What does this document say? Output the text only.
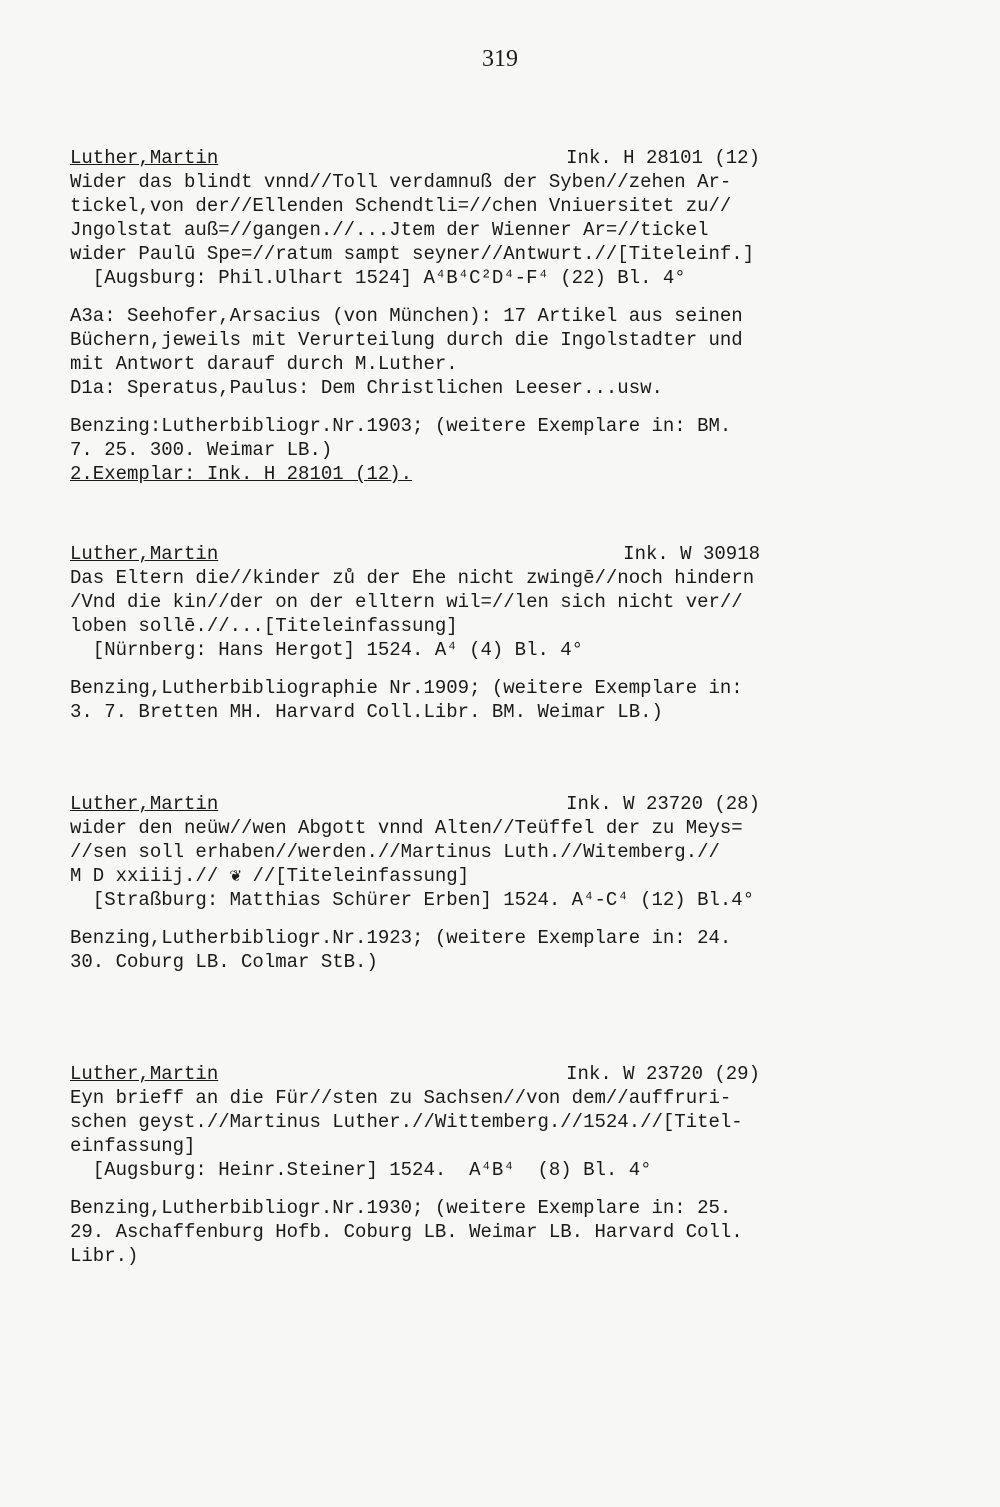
319
Luther,Martin	Ink. H 28101 (12)
Wider das blindt vnnd//Toll verdamnuß der Syben//zehen Ar-
tickel,von der//Ellenden Schendtli=//chen Vniuersitet zu//
Jngolstat auß=//gangen.//...Jtem der Wienner Ar=//tickel
wider Paulū Spe=//ratum sampt seyner//Antwurt.//[Titeleinf.]
[Augsburg: Phil.Ulhart 1524] A⁴B⁴C²D⁴-F⁴ (22) Bl. 4°
A3a: Seehofer,Arsacius (von München): 17 Artikel aus seinen
Büchern,jeweils mit Verurteilung durch die Ingolstadter und
mit Antwort darauf durch M.Luther.
D1a: Speratus,Paulus: Dem Christlichen Leeser...usw.
Benzing:Lutherbibliogr.Nr.1903; (weitere Exemplare in: BM.
7. 25. 300. Weimar LB.)
2.Exemplar: Ink. H 28101 (12).
Luther,Martin	Ink. W 30918
Das Eltern die//kinder zů der Ehe nicht zwingē//noch hindern
/Vnd die kin//der on der elltern wil=//len sich nicht ver//
loben sollē.//...[Titeleinfassung]
[Nürnberg: Hans Hergot] 1524. A⁴ (4) Bl. 4°
Benzing,Lutherbibliographie Nr.1909; (weitere Exemplare in:
3. 7. Bretten MH. Harvard Coll.Libr. BM. Weimar LB.)
Luther,Martin	Ink. W 23720 (28)
wider den neüw//wen Abgott vnnd Alten//Teüffel der zu Meys=
//sen soll erhaben//werden.//Martinus Luth.//Witemberg.//
M D xxiiij.// ❦ //[Titeleinfassung]
[Straßburg: Matthias Schürer Erben] 1524. A⁴-C⁴ (12) Bl.4°
Benzing,Lutherbibliogr.Nr.1923; (weitere Exemplare in: 24.
30. Coburg LB. Colmar StB.)
Luther,Martin	Ink. W 23720 (29)
Eyn brieff an die Für//sten zu Sachsen//von dem//auffruri-
schen geyst.//Martinus Luther.//Wittemberg.//1524.//[Titel-
einfassung]
[Augsburg: Heinr.Steiner] 1524.  A⁴B⁴  (8) Bl. 4°
Benzing,Lutherbibliogr.Nr.1930; (weitere Exemplare in: 25.
29. Aschaffenburg Hofb. Coburg LB. Weimar LB. Harvard Coll.
Libr.)
